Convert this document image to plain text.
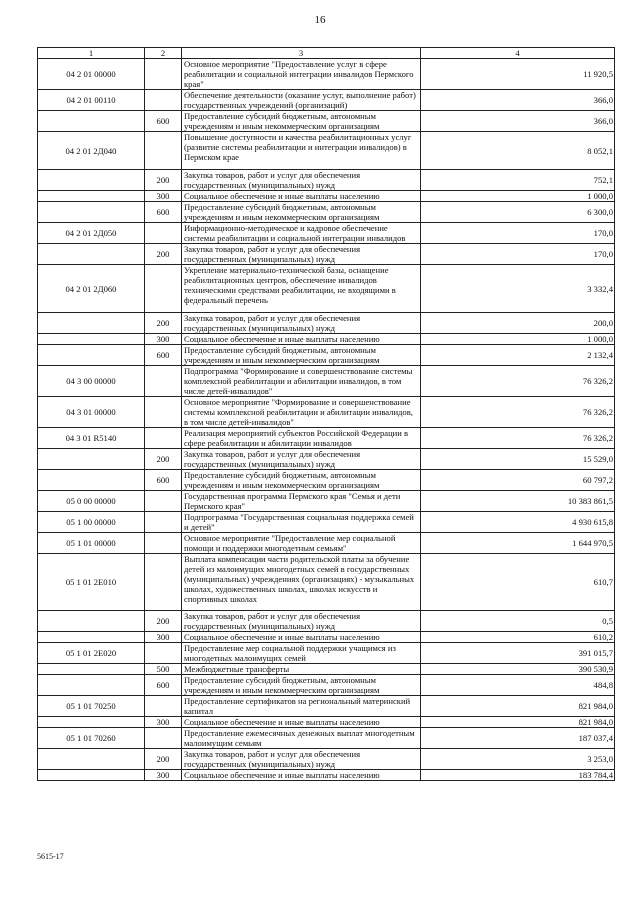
16
1	2	3	4
04 2 01 00000		Основное мероприятие "Предоставление услуг в сфере реабилитации и социальной интеграции инвалидов Пермского края"	11 920,5
04 2 01 00110		Обеспечение деятельности (оказание услуг, выполнение работ) государственных учреждений (организаций)	366,0
	600	Предоставление субсидий бюджетным, автономным учреждениям и иным некоммерческим организациям	366,0
04 2 01 2Д040		Повышение доступности и качества реабилитационных услуг (развитие системы реабилитации и интеграции инвалидов) в Пермском крае	8 052,1
	200	Закупка товаров, работ и услуг для обеспечения государственных (муниципальных) нужд	752,1
	300	Социальное обеспечение и иные выплаты населению	1 000,0
	600	Предоставление субсидий бюджетным, автономным учреждениям и иным некоммерческим организациям	6 300,0
04 2 01 2Д050		Информационно-методическое и кадровое обеспечение системы реабилитации и социальной интеграции инвалидов	170,0
	200	Закупка товаров, работ и услуг для обеспечения государственных (муниципальных) нужд	170,0
04 2 01 2Д060		Укрепление материально-технической базы, оснащение реабилитационных центров, обеспечение инвалидов техническими средствами реабилитации, не входящими в федеральный перечень	3 332,4
	200	Закупка товаров, работ и услуг для обеспечения государственных (муниципальных) нужд	200,0
	300	Социальное обеспечение и иные выплаты населению	1 000,0
	600	Предоставление субсидий бюджетным, автономным учреждениям и иным некоммерческим организациям	2 132,4
04 3 00 00000		Подпрограмма "Формирование и совершенствование системы комплексной реабилитации и абилитации инвалидов, в том числе детей-инвалидов"	76 326,2
04 3 01 00000		Основное мероприятие "Формирование и совершенствование системы комплексной реабилитации и абилитации инвалидов, в том числе детей-инвалидов"	76 326,2
04 3 01 R5140		Реализация мероприятий субъектов Российской Федерации в сфере реабилитации и абилитации инвалидов	76 326,2
	200	Закупка товаров, работ и услуг для обеспечения государственных (муниципальных) нужд	15 529,0
	600	Предоставление субсидий бюджетным, автономным учреждениям и иным некоммерческим организациям	60 797,2
05 0 00 00000		Государственная программа Пермского края "Семья и дети Пермского края"	10 383 861,5
05 1 00 00000		Подпрограмма "Государственная социальная поддержка семей и детей"	4 930 615,8
05 1 01 00000		Основное мероприятие "Предоставление мер социальной помощи и поддержки многодетным семьям"	1 644 970,5
05 1 01 2Е010		Выплата компенсации части родительской платы за обучение детей из малоимущих многодетных семей в государственных (муниципальных) учреждениях (организациях) - музыкальных школах, художественных школах, школах искусств и спортивных школах	610,7
	200	Закупка товаров, работ и услуг для обеспечения государственных (муниципальных) нужд	0,5
	300	Социальное обеспечение и иные выплаты населению	610,2
05 1 01 2Е020		Предоставление мер социальной поддержки учащимся из многодетных малоимущих семей	391 015,7
	500	Межбюджетные трансферты	390 530,9
	600	Предоставление субсидий бюджетным, автономным учреждениям и иным некоммерческим организациям	484,8
05 1 01 70250		Предоставление сертификатов на региональный материнский капитал	821 984,0
	300	Социальное обеспечение и иные выплаты населению	821 984,0
05 1 01 70260		Предоставление ежемесячных денежных выплат многодетным малоимущим семьям	187 037,4
	200	Закупка товаров, работ и услуг для обеспечения государственных (муниципальных) нужд	3 253,0
	300	Социальное обеспечение и иные выплаты населению	183 784,4
5615-17
